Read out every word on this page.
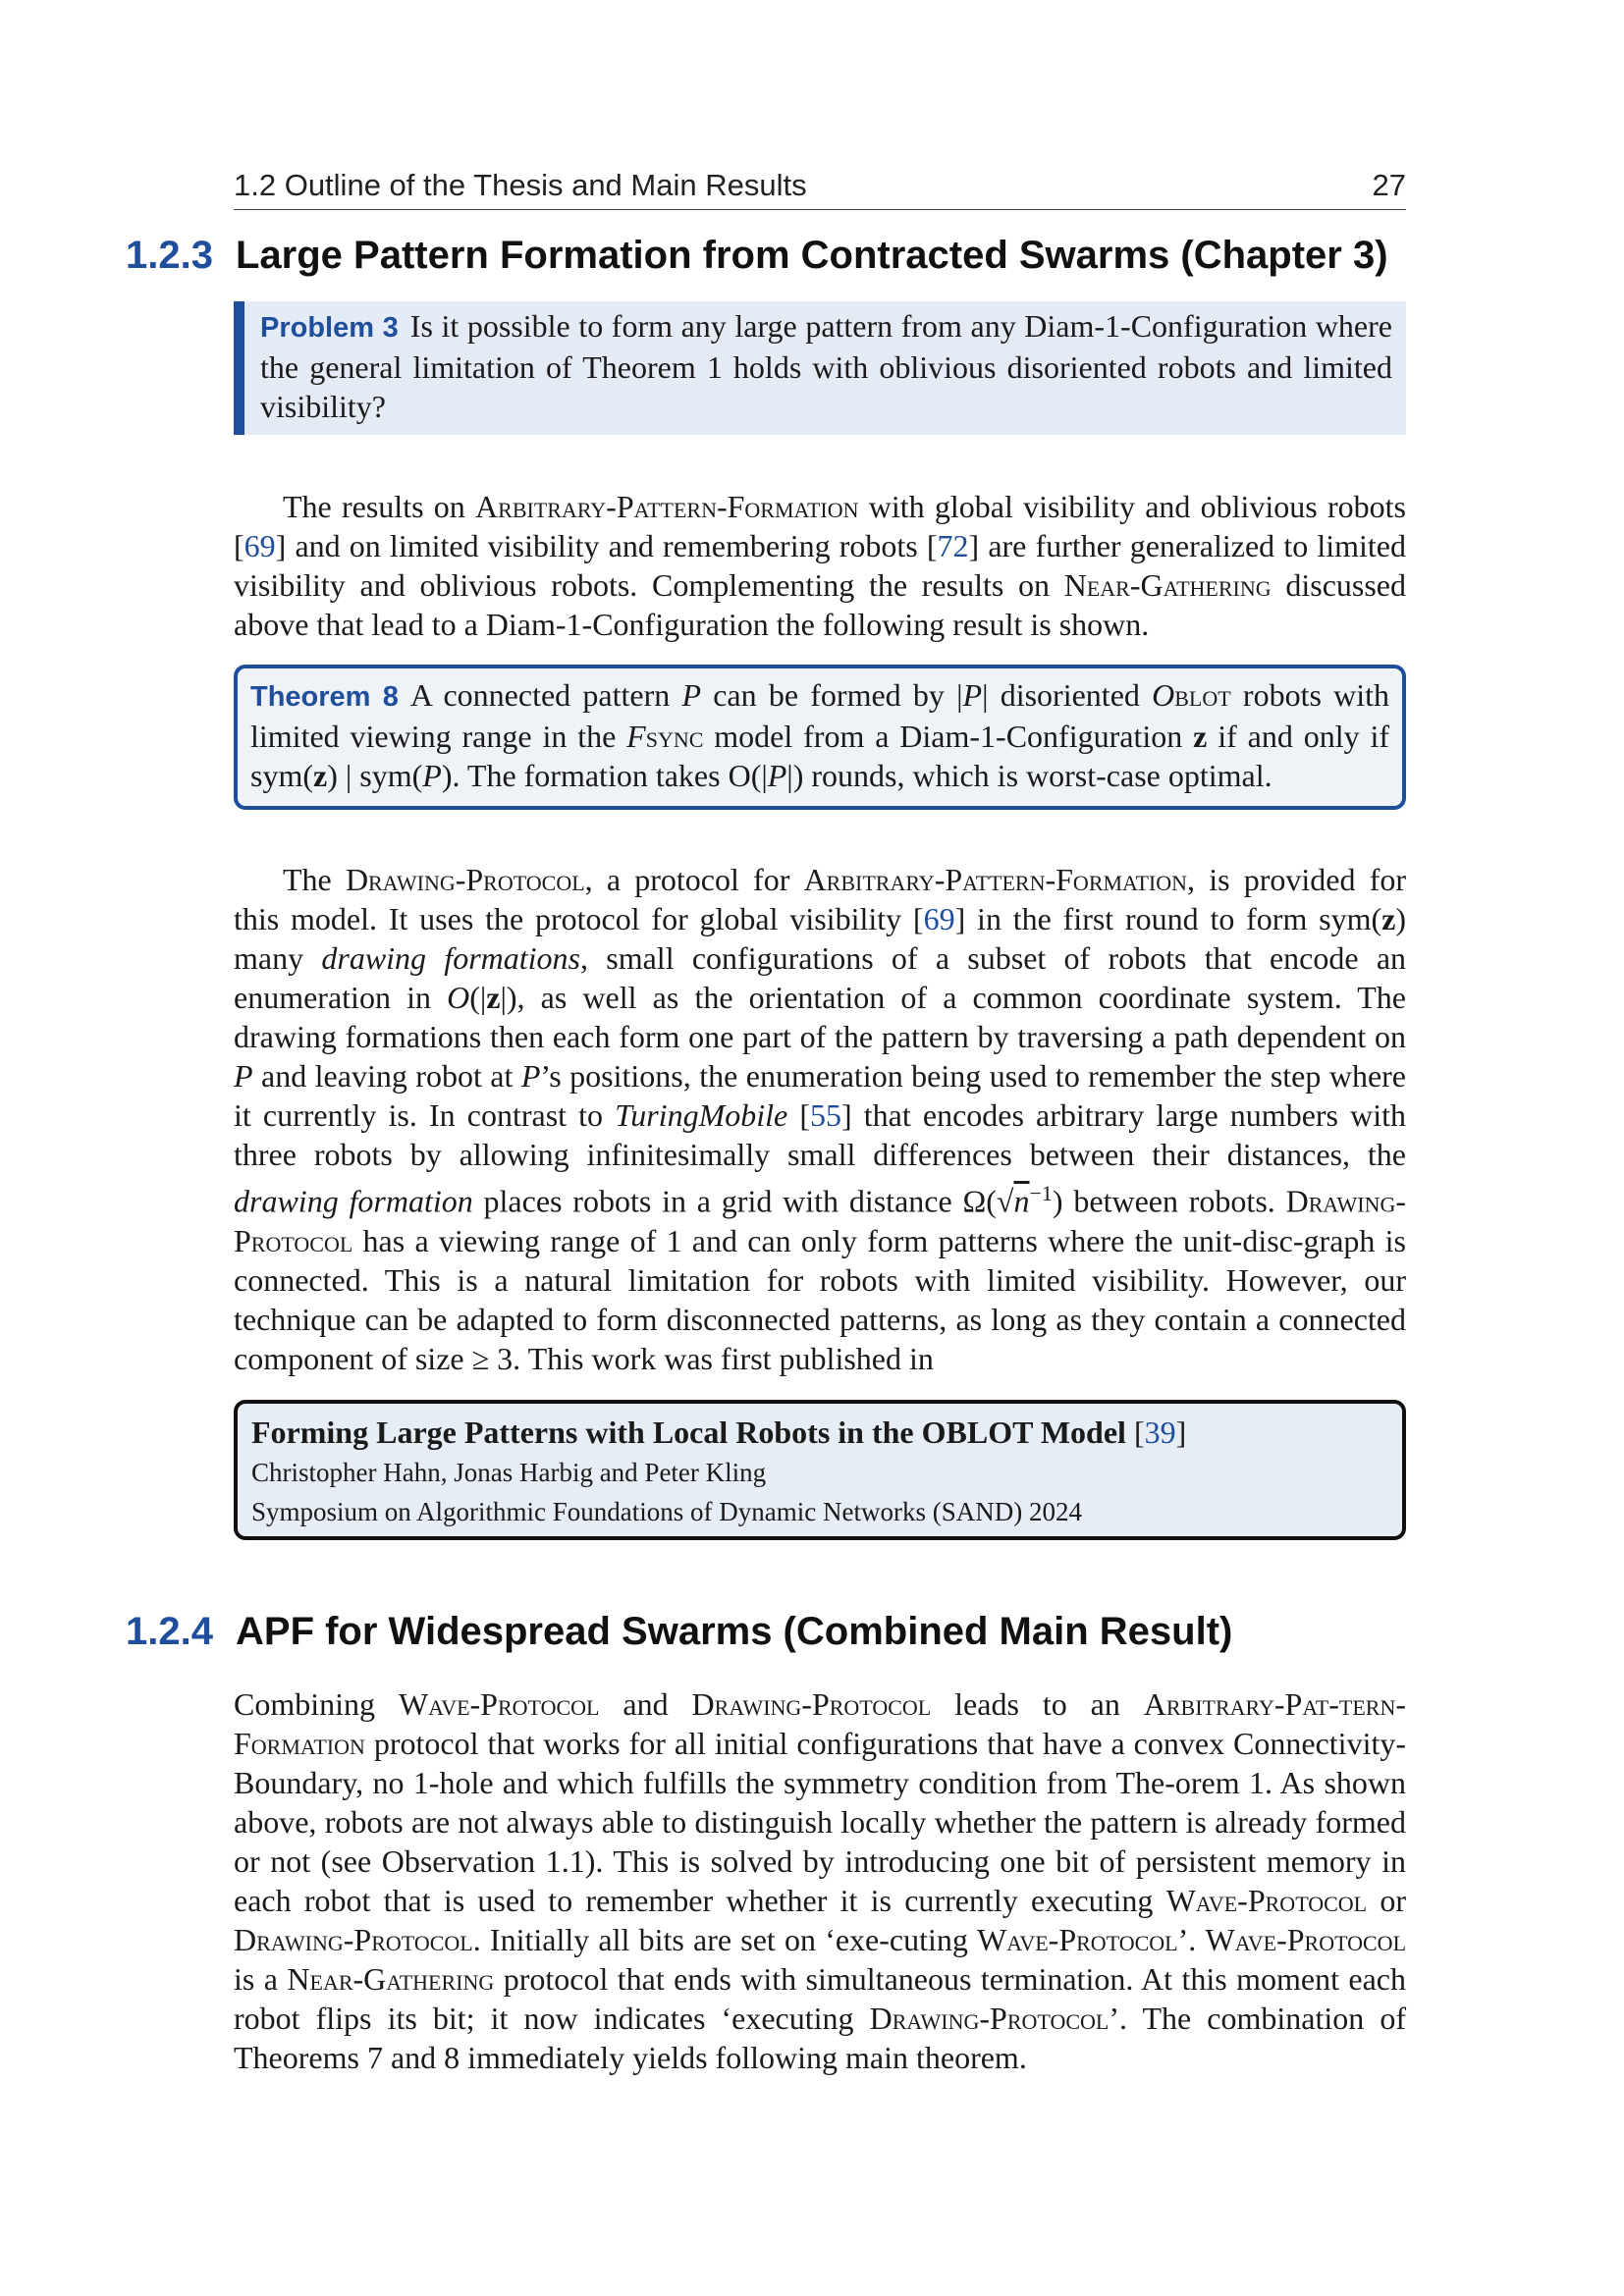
1.2 Outline of the Thesis and Main Results	27
1.2.3 Large Pattern Formation from Contracted Swarms (Chapter 3)
Problem 3 Is it possible to form any large pattern from any Diam-1-Configuration where the general limitation of Theorem 1 holds with oblivious disoriented robots and limited visibility?
The results on Arbitrary-Pattern-Formation with global visibility and oblivious robots [69] and on limited visibility and remembering robots [72] are further generalized to limited visibility and oblivious robots. Complementing the results on Near-Gathering discussed above that lead to a Diam-1-Configuration the following result is shown.
Theorem 8 A connected pattern P can be formed by |P| disoriented Oblot robots with limited viewing range in the Fsync model from a Diam-1-Configuration z if and only if sym(z) | sym(P). The formation takes O(|P|) rounds, which is worst-case optimal.
The Drawing-Protocol, a protocol for Arbitrary-Pattern-Formation, is provided for this model. It uses the protocol for global visibility [69] in the first round to form sym(z) many drawing formations, small configurations of a subset of robots that encode an enumeration in O(|z|), as well as the orientation of a common coordinate system. The drawing formations then each form one part of the pattern by traversing a path dependent on P and leaving robot at P’s positions, the enumeration being used to remember the step where it currently is. In contrast to TuringMobile [55] that encodes arbitrary large numbers with three robots by allowing infinitesimally small differences between their distances, the drawing formation places robots in a grid with distance $\Omega(√n^{-1})$ between robots. Drawing-Protocol has a viewing range of 1 and can only form patterns where the unit-disc-graph is connected. This is a natural limitation for robots with limited visibility. However, our technique can be adapted to form disconnected patterns, as long as they contain a connected component of size ≥ 3. This work was first published in
Forming Large Patterns with Local Robots in the OBLOT Model [39]
Christopher Hahn, Jonas Harbig and Peter Kling
Symposium on Algorithmic Foundations of Dynamic Networks (SAND) 2024
1.2.4 APF for Widespread Swarms (Combined Main Result)
Combining Wave-Protocol and Drawing-Protocol leads to an Arbitrary-Pat-tern-Formation protocol that works for all initial configurations that have a convex Connectivity-Boundary, no 1-hole and which fulfills the symmetry condition from The-orem 1. As shown above, robots are not always able to distinguish locally whether the pattern is already formed or not (see Observation 1.1). This is solved by introducing one bit of persistent memory in each robot that is used to remember whether it is currently executing Wave-Protocol or Drawing-Protocol. Initially all bits are set on ‘exe-cuting Wave-Protocol’. Wave-Protocol is a Near-Gathering protocol that ends with simultaneous termination. At this moment each robot flips its bit; it now indicates ‘executing Drawing-Protocol’. The combination of Theorems 7 and 8 immediately yields following main theorem.
